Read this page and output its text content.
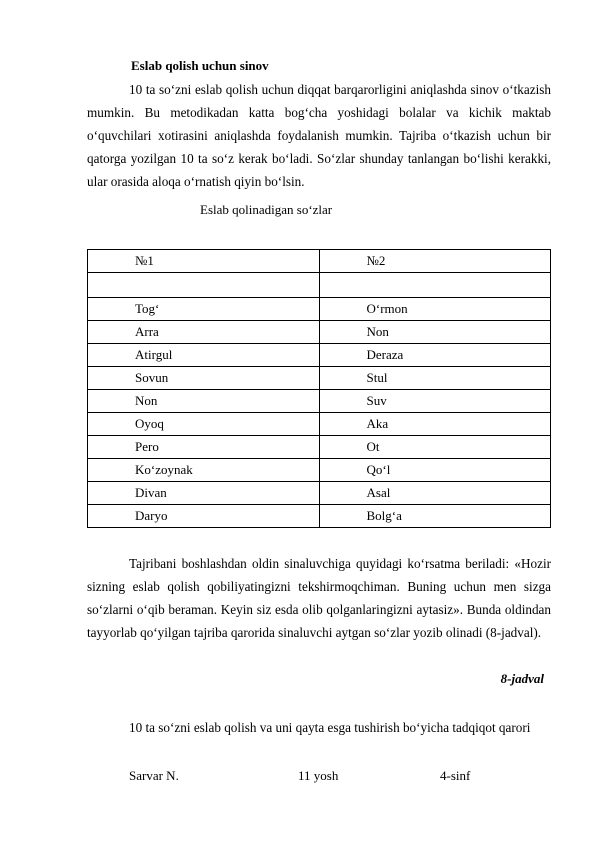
Eslab qolish uchun sinov

10 ta so‘zni eslab qolish uchun diqqat barqarorligini aniqlashda sinov o‘tkazish mumkin. Bu metodikadan katta bog‘cha yoshidagi bolalar va kichik maktab o‘quvchilari xotirasini aniqlashda foydalanish mumkin. Tajriba o‘tkazish uchun bir qatorga yozilgan 10 ta so‘z kerak bo‘ladi. So‘zlar shunday tanlangan bo‘lishi kerakki, ular orasida aloqa o‘rnatish qiyin bo‘lsin.

Eslab qolinadigan so‘zlar
№1	№2

Tog‘	O‘rmon
Arra	Non
Atirgul	Deraza
Sovun	Stul
Non	Suv
Oyoq	Aka
Pero	Ot
Ko‘zoynak	Qo‘l
Divan	Asal
Daryo	Bolg‘a

Tajribani boshlashdan oldin sinaluvchiga quyidagi ko‘rsatma beriladi: «Hozir sizning eslab qolish qobiliyatingizni tekshirmoqchiman. Buning uchun men sizga so‘zlarni o‘qib beraman. Keyin siz esda olib qolganlaringizni aytasiz». Bunda oldindan tayyorlab qo‘yilgan tajriba qarorida sinaluvchi aytgan so‘zlar yozib olinadi (8-jadval).

8-jadval

10 ta so‘zni eslab qolish va uni qayta esga tushirish bo‘yicha tadqiqot qarori

Sarvar N.	11 yosh	4-sinf
